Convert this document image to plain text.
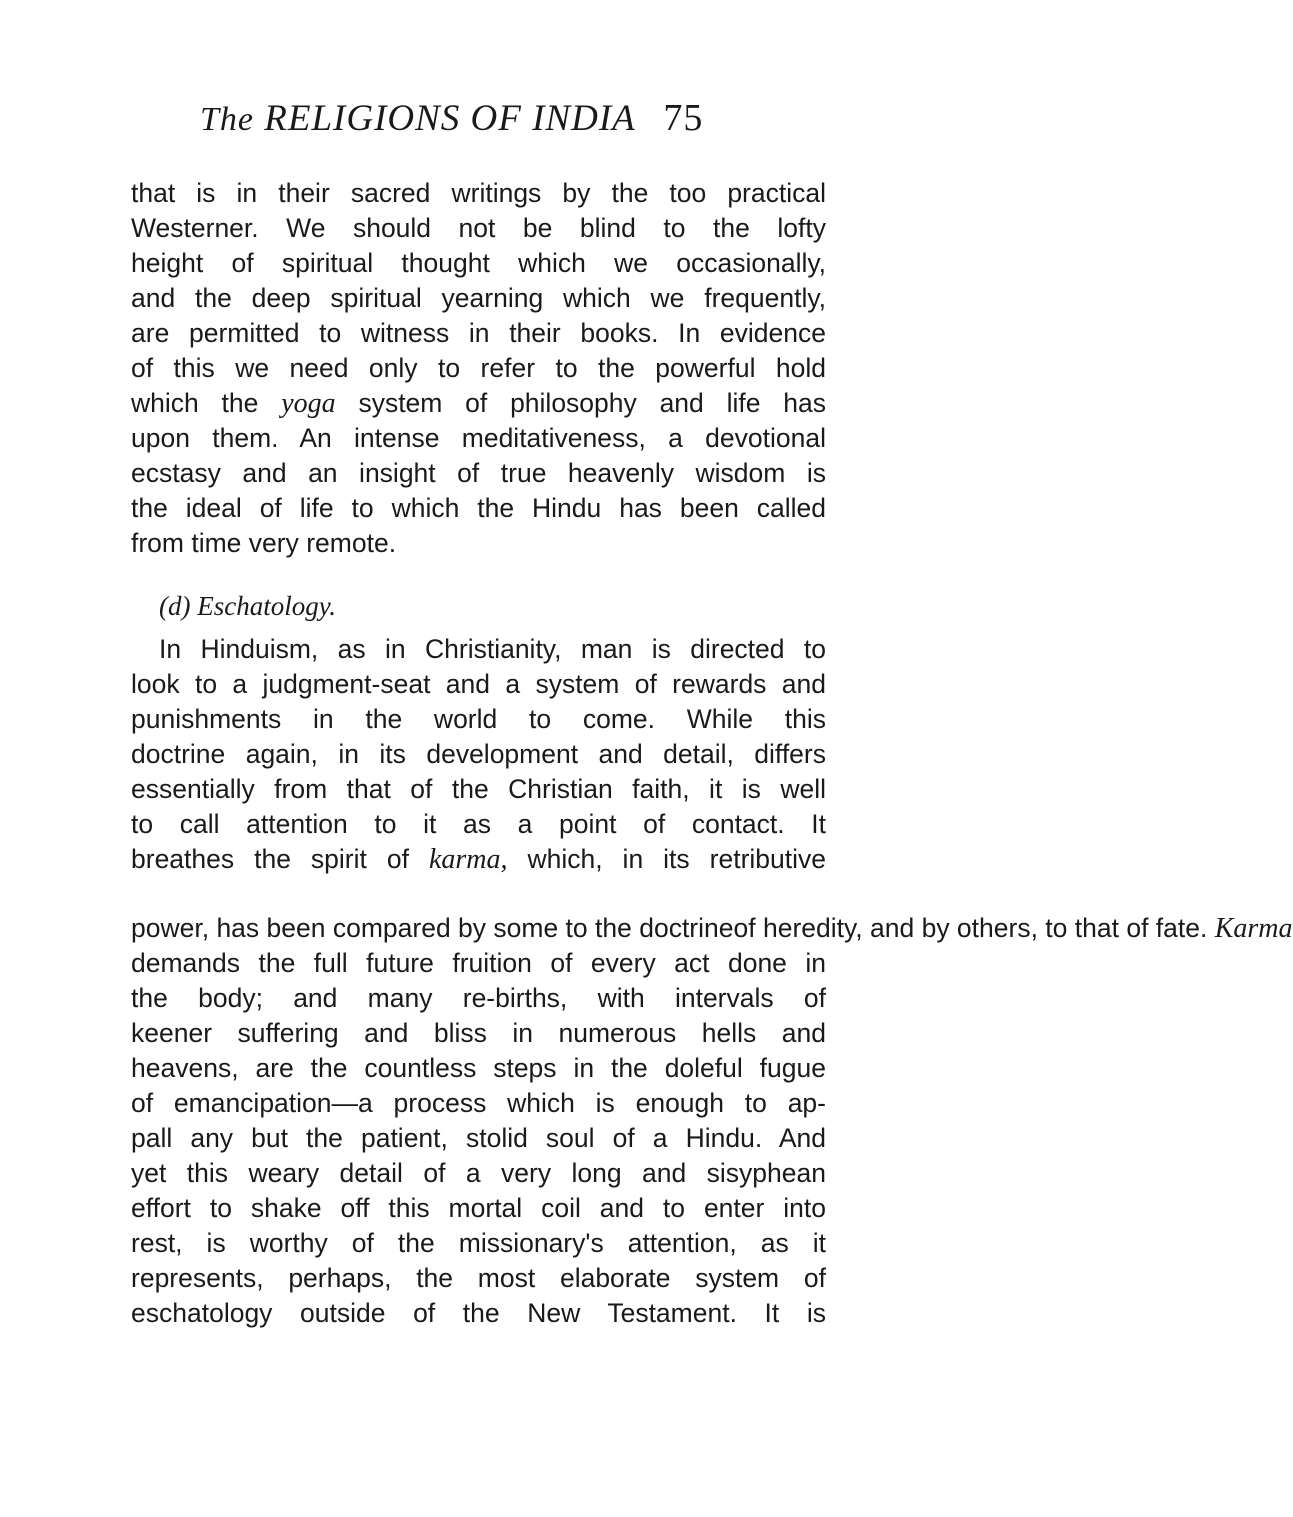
The RELIGIONS OF INDIA 75
that is in their sacred writings by the too practical
Westerner. We should not be blind to the lofty
height of spiritual thought which we occasionally,
and the deep spiritual yearning which we frequently,
are permitted to witness in their books. In evidence
of this we need only to refer to the powerful hold
which the yoga system of philosophy and life has
upon them. An intense meditativeness, a devotional
ecstasy and an insight of true heavenly wisdom is
the ideal of life to which the Hindu has been called
from time very remote.
In Hinduism, as in Christianity, man is directed to
look to a judgment-seat and a system of rewards and
punishments in the world to come. While this
doctrine again, in its development and detail, differs
essentially from that of the Christian faith, it is well
to call attention to it as a point of contact. It
breathes the spirit of karma, which, in its retributive
power, has been compared by some to the doctrineof heredity, and by others, to that of fate. Karma
demands the full future fruition of every act done in
the body; and many re-births, with intervals of
keener suffering and bliss in numerous hells and
heavens, are the countless steps in the doleful fugue
of emancipation—a process which is enough to ap-
pall any but the patient, stolid soul of a Hindu. And
yet this weary detail of a very long and sisyphean
effort to shake off this mortal coil and to enter into
rest, is worthy of the missionary's attention, as it
represents, perhaps, the most elaborate system of
eschatology outside of the New Testament. It is
(d) Eschatology.
